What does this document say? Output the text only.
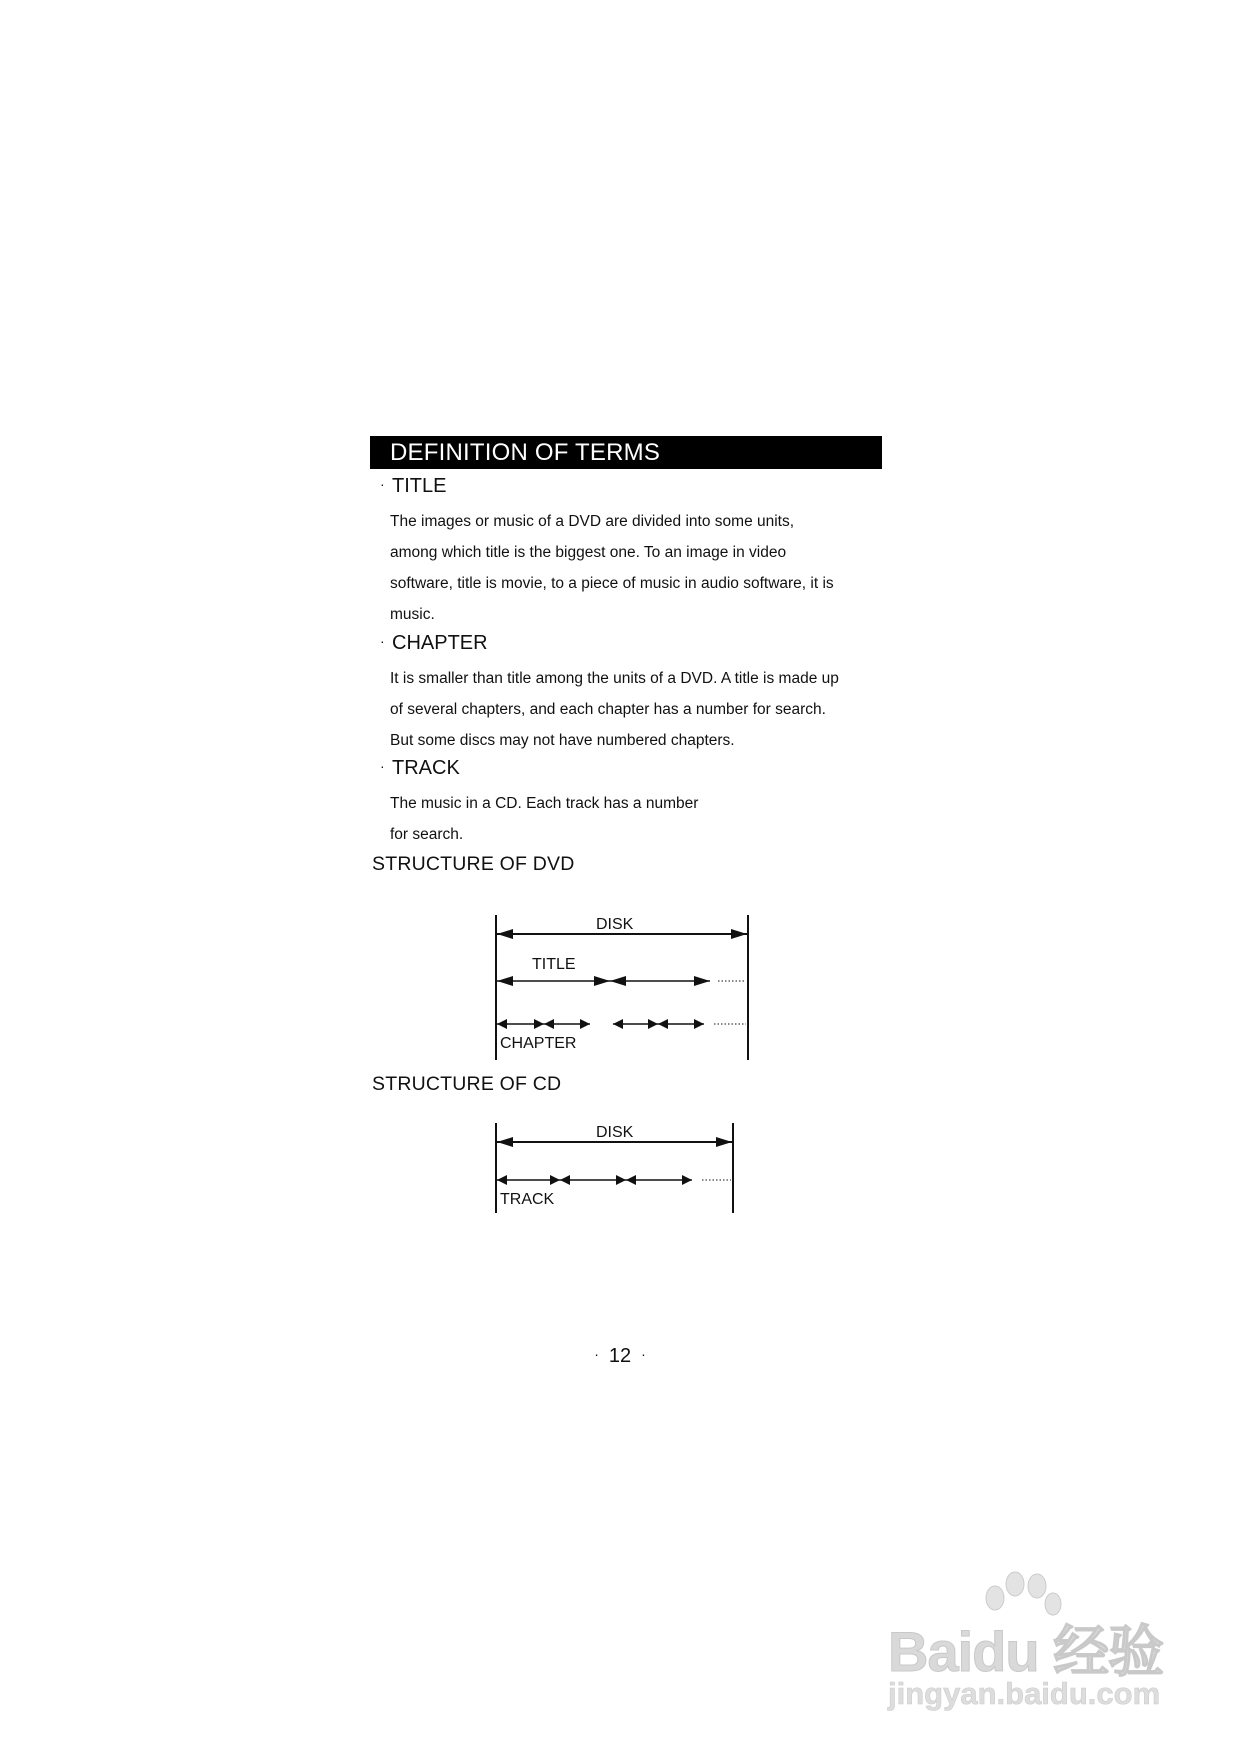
DEFINITION OF TERMS
· TITLE
The images or music of a DVD are divided into some units,
among which title is the biggest one. To an image in video
software, title is movie, to a piece of music in audio software, it is
music.
· CHAPTER
It is smaller than title among the units of a DVD. A title is made up
of several chapters, and each chapter has a number for search.
But some discs may not have numbered chapters.
· TRACK
The music in a CD. Each track has a number
for search.
STRUCTURE OF DVD
STRUCTURE OF CD
DISK
TITLE
CHAPTER
DISK
TRACK
· 12 ·
Baidu 经验
jingyan.baidu.com
